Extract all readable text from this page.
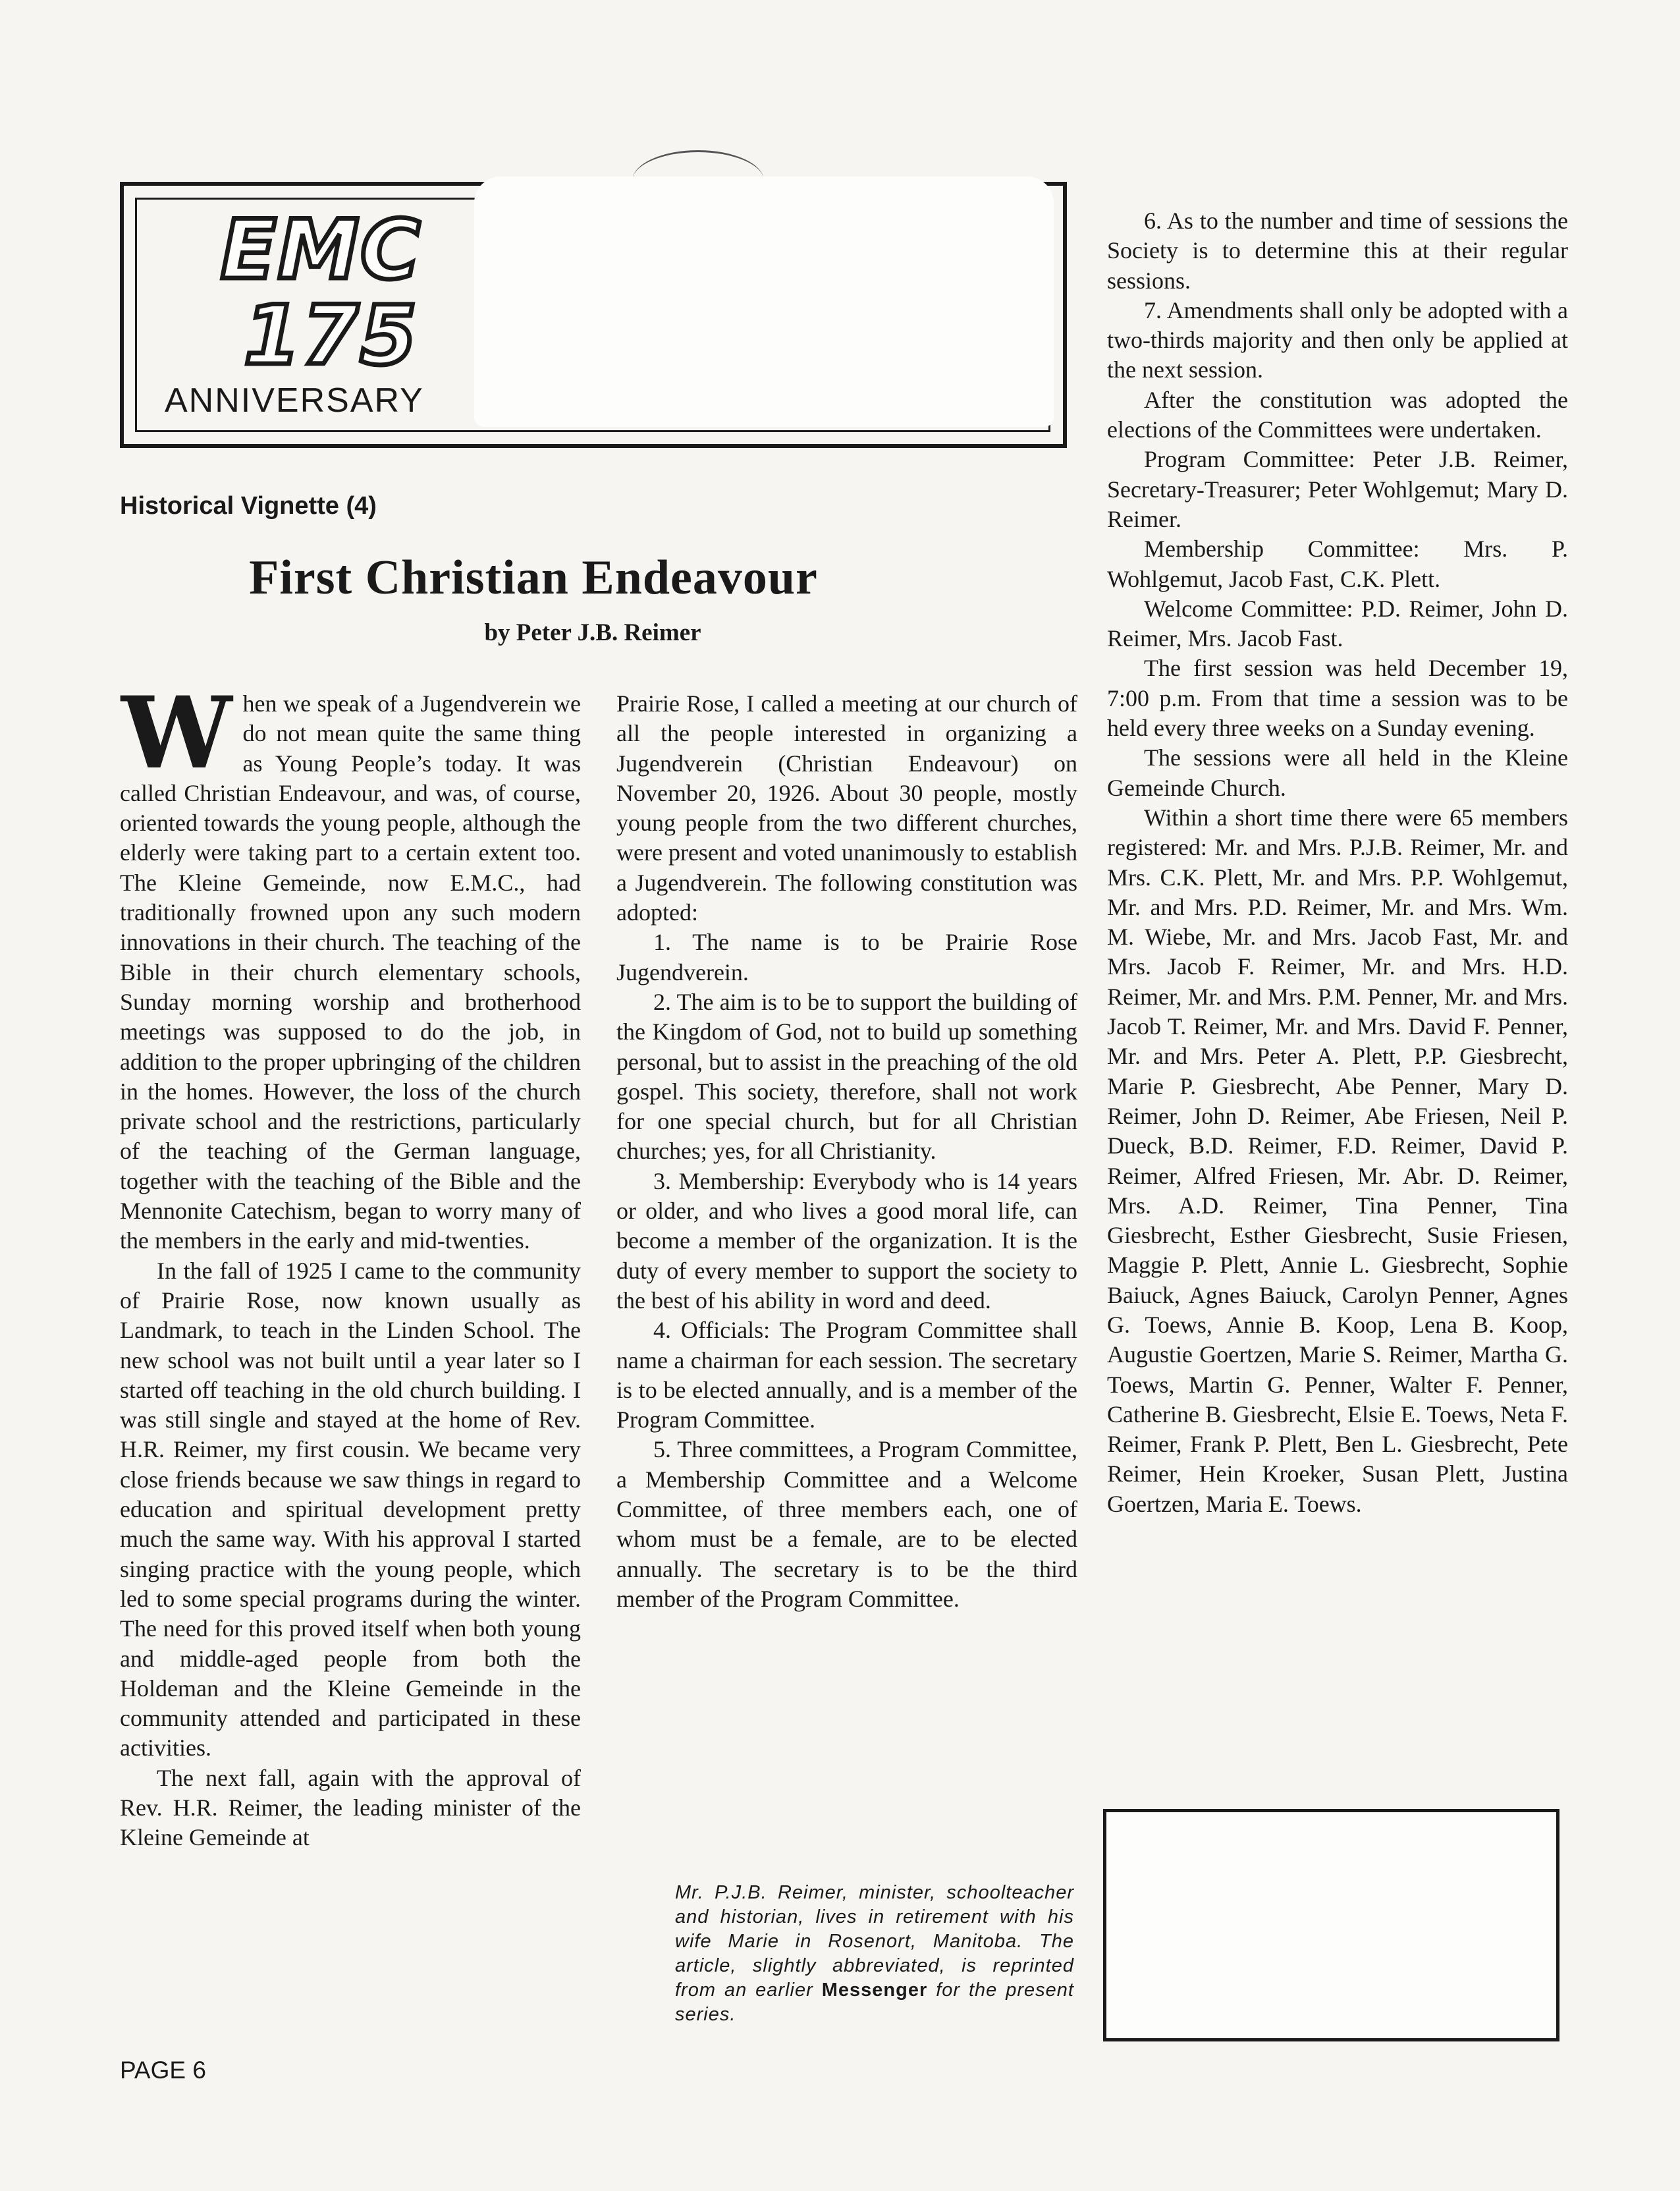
EMC
175
ANNIVERSARY
Historical Vignette (4)
First Christian Endeavour
by Peter J.B. Reimer

When we speak of a Jugendverein we do not mean quite the same thing as Young People’s today. It was called Christian Endeavour, and was, of course, oriented towards the young people, although the elderly were taking part to a certain extent too. The Kleine Gemeinde, now E.M.C., had traditionally frowned upon any such modern innovations in their church. The teaching of the Bible in their church elementary schools, Sunday morning worship and brotherhood meetings was supposed to do the job, in addition to the proper upbringing of the children in the homes. However, the loss of the church private school and the restrictions, particularly of the teaching of the German language, together with the teaching of the Bible and the Mennonite Catechism, began to worry many of the members in the early and mid-twenties.

In the fall of 1925 I came to the community of Prairie Rose, now known usually as Landmark, to teach in the Linden School. The new school was not built until a year later so I started off teaching in the old church building. I was still single and stayed at the home of Rev. H.R. Reimer, my first cousin. We became very close friends because we saw things in regard to education and spiritual development pretty much the same way. With his approval I started singing practice with the young people, which led to some special programs during the winter. The need for this proved itself when both young and middle-aged people from both the Holdeman and the Kleine Gemeinde in the community attended and participated in these activities.

The next fall, again with the approval of Rev. H.R. Reimer, the leading minister of the Kleine Gemeinde at

Prairie Rose, I called a meeting at our church of all the people interested in organizing a Jugendverein (Christian Endeavour) on November 20, 1926. About 30 people, mostly young people from the two different churches, were present and voted unanimously to establish a Jugendverein. The following constitution was adopted:

1. The name is to be Prairie Rose Jugendverein.

2. The aim is to be to support the building of the Kingdom of God, not to build up something personal, but to assist in the preaching of the old gospel. This society, therefore, shall not work for one special church, but for all Christian churches; yes, for all Christianity.

3. Membership: Everybody who is 14 years or older, and who lives a good moral life, can become a member of the organization. It is the duty of every member to support the society to the best of his ability in word and deed.

4. Officials: The Program Committee shall name a chairman for each session. The secretary is to be elected annually, and is a member of the Program Committee.

5. Three committees, a Program Committee, a Membership Committee and a Welcome Committee, of three members each, one of whom must be a female, are to be elected annually. The secretary is to be the third member of the Program Committee.

6. As to the number and time of sessions the Society is to determine this at their regular sessions.

7. Amendments shall only be adopted with a two-thirds majority and then only be applied at the next session.

After the constitution was adopted the elections of the Committees were undertaken.

Program Committee: Peter J.B. Reimer, Secretary-Treasurer; Peter Wohlgemut; Mary D. Reimer.

Membership Committee: Mrs. P. Wohlgemut, Jacob Fast, C.K. Plett.

Welcome Committee: P.D. Reimer, John D. Reimer, Mrs. Jacob Fast.

The first session was held December 19, 7:00 p.m. From that time a session was to be held every three weeks on a Sunday evening.

The sessions were all held in the Kleine Gemeinde Church.

Within a short time there were 65 members registered: Mr. and Mrs. P.J.B. Reimer, Mr. and Mrs. C.K. Plett, Mr. and Mrs. P.P. Wohlgemut, Mr. and Mrs. P.D. Reimer, Mr. and Mrs. Wm. M. Wiebe, Mr. and Mrs. Jacob Fast, Mr. and Mrs. Jacob F. Reimer, Mr. and Mrs. H.D. Reimer, Mr. and Mrs. P.M. Penner, Mr. and Mrs. Jacob T. Reimer, Mr. and Mrs. David F. Penner, Mr. and Mrs. Peter A. Plett, P.P. Giesbrecht, Marie P. Giesbrecht, Abe Penner, Mary D. Reimer, John D. Reimer, Abe Friesen, Neil P. Dueck, B.D. Reimer, F.D. Reimer, David P. Reimer, Alfred Friesen, Mr. Abr. D. Reimer, Mrs. A.D. Reimer, Tina Penner, Tina Giesbrecht, Esther Giesbrecht, Susie Friesen, Maggie P. Plett, Annie L. Giesbrecht, Sophie Baiuck, Agnes Baiuck, Carolyn Penner, Agnes G. Toews, Annie B. Koop, Lena B. Koop, Augustie Goertzen, Marie S. Reimer, Martha G. Toews, Martin G. Penner, Walter F. Penner, Catherine B. Giesbrecht, Elsie E. Toews, Neta F. Reimer, Frank P. Plett, Ben L. Giesbrecht, Pete Reimer, Hein Kroeker, Susan Plett, Justina Goertzen, Maria E. Toews.

Mr. P.J.B. Reimer, minister, schoolteacher and historian, lives in retirement with his wife Marie in Rosenort, Manitoba. The article, slightly abbreviated, is reprinted from an earlier Messenger for the present series.
PAGE 6
